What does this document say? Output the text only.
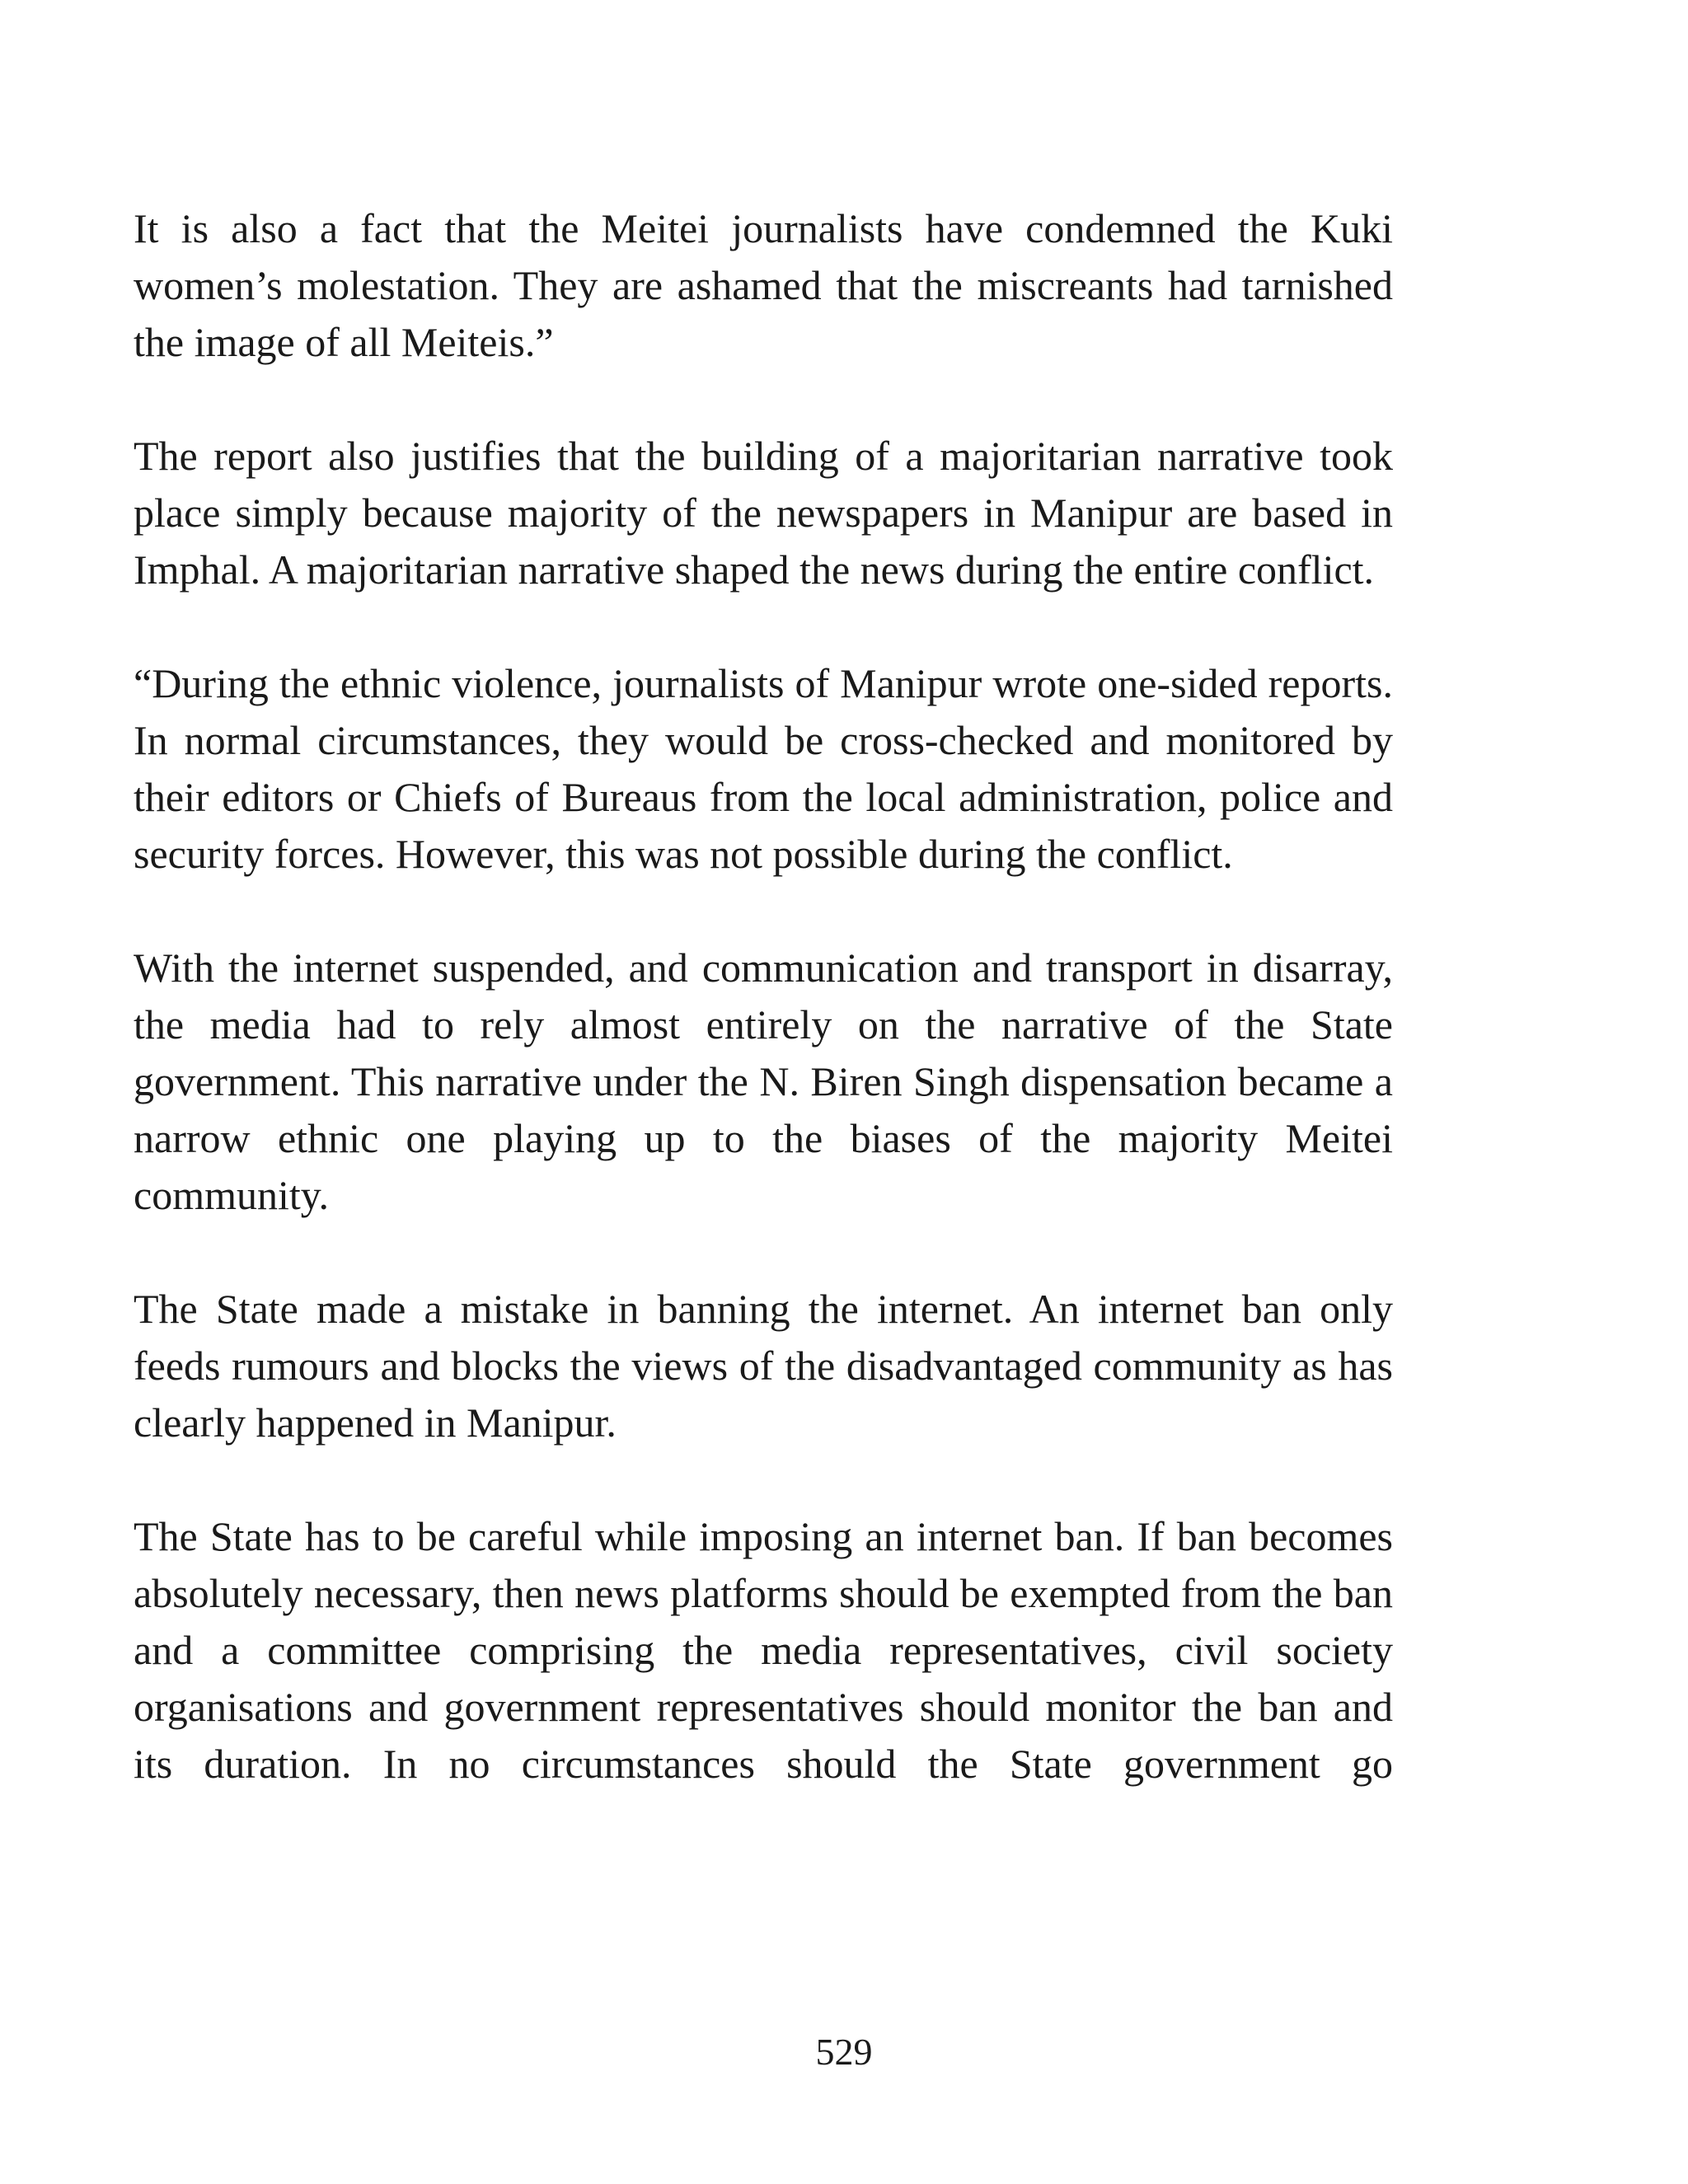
It is also a fact that the Meitei journalists have condemned the Kuki women’s molestation. They are ashamed that the miscreants had tarnished the image of all Meiteis.”

The report also justifies that the building of a majoritarian narrative took place simply because majority of the newspapers in Manipur are based in Imphal. A majoritarian narrative shaped the news during the entire conflict.

“During the ethnic violence, journalists of Manipur wrote one-sided reports. In normal circumstances, they would be cross-checked and monitored by their editors or Chiefs of Bureaus from the local administration, police and security forces. However, this was not possible during the conflict.

With the internet suspended, and communication and transport in disarray, the media had to rely almost entirely on the narrative of the State government. This narrative under the N. Biren Singh dispensation became a narrow ethnic one playing up to the biases of the majority Meitei community.

The State made a mistake in banning the internet. An internet ban only feeds rumours and blocks the views of the disadvantaged community as has clearly happened in Manipur.

The State has to be careful while imposing an internet ban. If ban becomes absolutely necessary, then news platforms should be exempted from the ban and a committee comprising the media representatives, civil society organisations and government representatives should monitor the ban and its duration. In no circumstances should the State government go

529
